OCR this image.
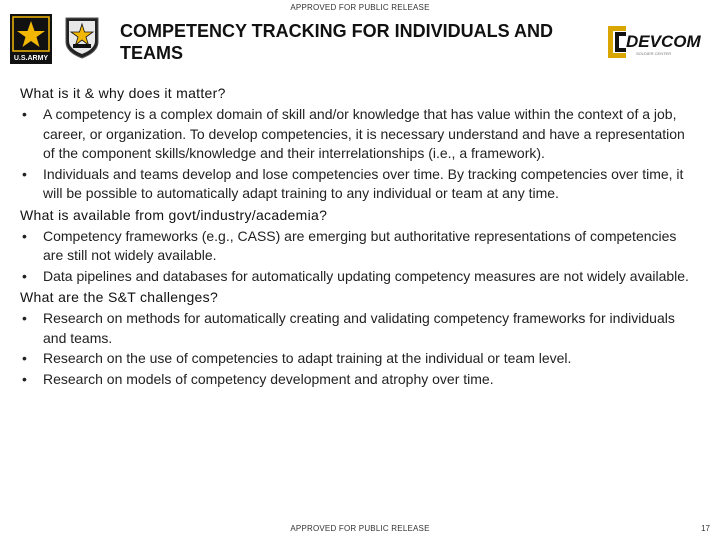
APPROVED FOR PUBLIC RELEASE
U.S.ARMY
COMPETENCY TRACKING FOR INDIVIDUALS AND TEAMS
DEVCOM
SOLDIER CENTER
What is it & why does it matter?
• A competency is a complex domain of skill and/or knowledge that has value within the context of a job, career, or organization. To develop competencies, it is necessary understand and have a representation of the component skills/knowledge and their interrelationships (i.e., a framework).
• Individuals and teams develop and lose competencies over time. By tracking competencies over time, it will be possible to automatically adapt training to any individual or team at any time.
What is available from govt/industry/academia?
• Competency frameworks (e.g., CASS) are emerging but authoritative representations of competencies are still not widely available.
• Data pipelines and databases for automatically updating competency measures are not widely available.
What are the S&T challenges?
• Research on methods for automatically creating and validating competency frameworks for individuals and teams.
• Research on the use of competencies to adapt training at the individual or team level.
• Research on models of competency development and atrophy over time.
APPROVED FOR PUBLIC RELEASE	17
